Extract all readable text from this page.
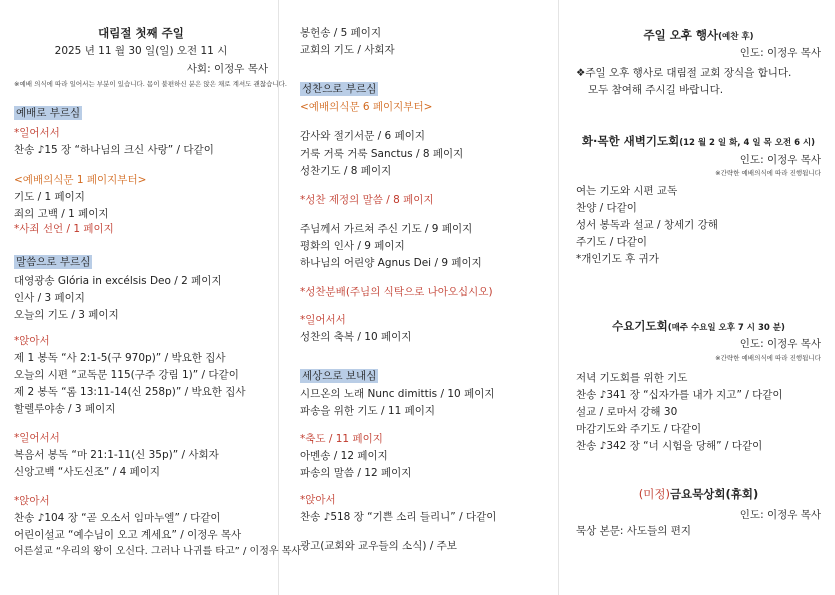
대림절 첫째 주일
2025 년 11 월 30 일(일) 오전 11 시
사회: 이정우 목사
※예배 의식에 따라 일어서는 부분이 있습니다. 몸이 불편하신 분은 앉은 채로 계셔도 괜찮습니다.
예배로 부르심
*일어서서
찬송 ♪15 장 “하나님의 크신 사랑” / 다같이
<예배의식문 1 페이지부터>
기도 / 1 페이지
죄의 고백 / 1 페이지
*사죄 선언 / 1 페이지
말씀으로 부르심
대영광송 Glória in excélsis Deo / 2 페이지
인사 / 3 페이지
오늘의 기도 / 3 페이지
*앉아서
제 1 봉독 “사 2:1-5(구 970p)” / 박요한 집사
오늘의 시편 “교독문 115(구주 강림 1)” / 다같이
제 2 봉독 “롬 13:11-14(신 258p)” / 박요한 집사
할렐루야송 / 3 페이지
*일어서서
복음서 봉독 “마 21:1-11(신 35p)” / 사회자
신앙고백 “사도신조” / 4 페이지
*앉아서
찬송 ♪104 장 “곧 오소서 임마누엘” / 다같이
어린이설교 “예수님이 오고 계세요” / 이정우 목사
어른설교 “우리의 왕이 오신다. 그러나 나귀를 타고” / 이정우 목사
봉헌송 / 5 페이지
교회의 기도 / 사회자
성찬으로 부르심
<예배의식문 6 페이지부터>
감사와 절기서문 / 6 페이지
거룩 거룩 거룩 Sanctus / 8 페이지
성찬기도 / 8 페이지
*성찬 제정의 말씀 / 8 페이지
주님께서 가르쳐 주신 기도 / 9 페이지
평화의 인사 / 9 페이지
하나님의 어린양 Agnus Dei / 9 페이지
*성찬분배(주님의 식탁으로 나아오십시오)
*일어서서
성찬의 축복 / 10 페이지
세상으로 보내심
시므온의 노래 Nunc dimittis / 10 페이지
파송을 위한 기도 / 11 페이지
*축도 / 11 페이지
아멘송 / 12 페이지
파송의 말씀 / 12 페이지
*앉아서
찬송 ♪518 장 “기쁜 소리 들리니” / 다같이
광고(교회와 교우들의 소식) / 주보
주일 오후 행사(예찬 후)
인도: 이정우 목사
❖주일 오후 행사로 대림절 교회 장식을 합니다.
모두 참여해 주시길 바랍니다.
화·목한 새벽기도회(12 월 2 일 화, 4 일 목 오전 6 시)
인도: 이정우 목사
※간략한 예배의식에 따라 진행됩니다
여는 기도와 시편 교독
찬양 / 다같이
성서 봉독과 설교 / 창세기 강해
주기도 / 다같이
*개인기도 후 귀가
수요기도회(매주 수요일 오후 7 시 30 분)
인도: 이정우 목사
※간략한 예배의식에 따라 진행됩니다
저녁 기도회를 위한 기도
찬송 ♪341 장 “십자가를 내가 지고” / 다같이
설교 / 로마서 강해 30
마감기도와 주기도 / 다같이
찬송 ♪342 장 “너 시험을 당해” / 다같이
(미정)금요묵상회(휴회)
인도: 이정우 목사
묵상 본문: 사도들의 편지
